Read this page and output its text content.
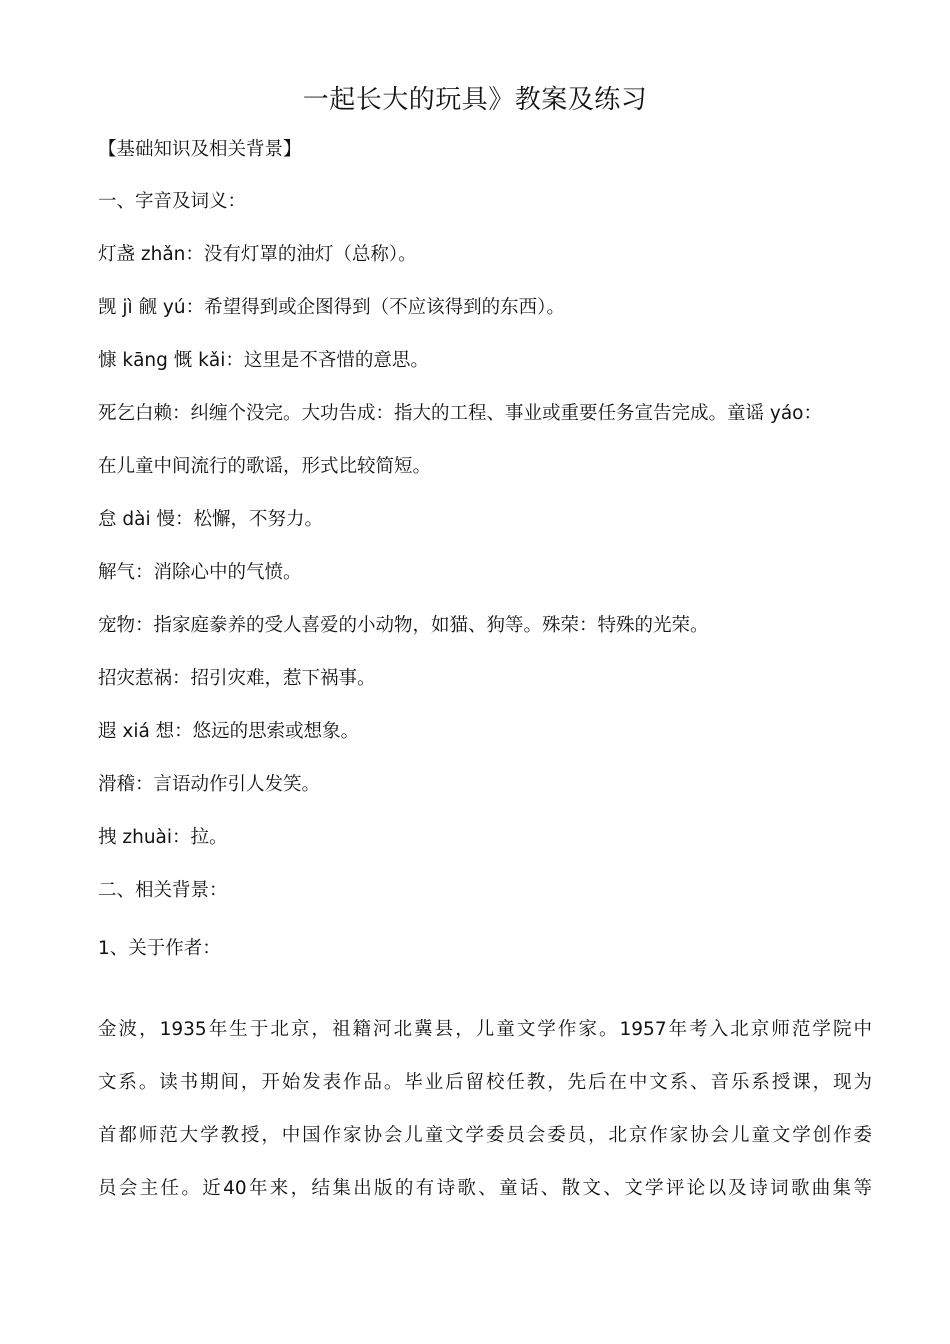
一起长大的玩具》教案及练习
【基础知识及相关背景】
一、字音及词义：
灯盏 zhǎn：没有灯罩的油灯（总称）。
觊 jì 觎 yú：希望得到或企图得到（不应该得到的东西）。
慷 kāng 慨 kǎi：这里是不吝惜的意思。
死乞白赖：纠缠个没完。大功告成：指大的工程、事业或重要任务宣告完成。童谣 yáo：
在儿童中间流行的歌谣，形式比较简短。
怠 dài 慢：松懈，不努力。
解气：消除心中的气愤。
宠物：指家庭豢养的受人喜爱的小动物，如猫、狗等。殊荣：特殊的光荣。
招灾惹祸：招引灾难，惹下祸事。
遐 xiá 想：悠远的思索或想象。
滑稽：言语动作引人发笑。
拽 zhuài：拉。
二、相关背景：
1、关于作者：
金波，1935年生于北京，祖籍河北冀县，儿童文学作家。1957年考入北京师范学院中
文系。读书期间，开始发表作品。毕业后留校任教，先后在中文系、音乐系授课，现为
首都师范大学教授，中国作家协会儿童文学委员会委员，北京作家协会儿童文学创作委
员会主任。近40年来，结集出版的有诗歌、童话、散文、文学评论以及诗词歌曲集等
